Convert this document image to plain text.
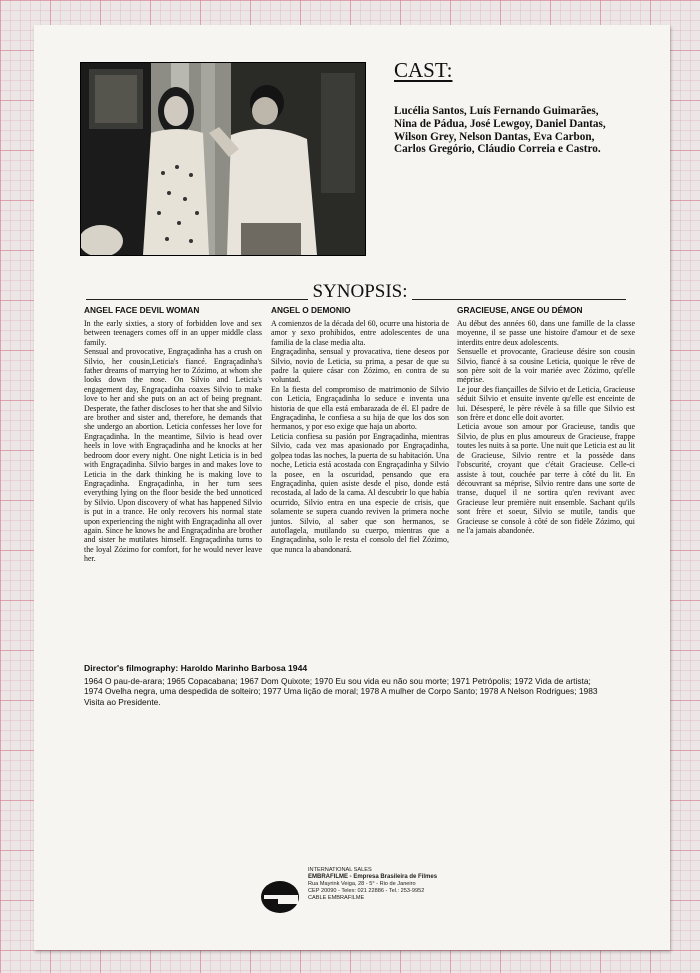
CAST:
Lucélia Santos, Luís Fernando Guimarães,
Nina de Pádua, José Lewgoy, Daniel Dantas,
Wilson Grey, Nelson Dantas, Eva Carbon,
Carlos Gregório, Cláudio Correia e Castro.
SYNOPSIS:
ANGEL FACE DEVIL WOMAN
In the early sixties, a story of forbidden love and sex between teenagers comes off in an upper middle class family.
Sensual and provocative, Engraçadinha has a crush on Silvio, her cousin,Leticia's fiancé. Engraçadinha's father dreams of marrying her to Zózimo, at whom she looks down the nose. On Silvio and Leticia's engagement day, Engraçadinha coaxes Silvio to make love to her and she puts on an act of being pregnant. Desperate, the father discloses to her that she and Silvio are brother and sister and, therefore, he demands that she undergo an abortion. Leticia confesses her love for Engraçadinha. In the meantime, Silvio is head over heels in love with Engraçadinha and he knocks at her bedroom door every night. One night Leticia is in bed with Engraçadinha. Silvio barges in and makes love to Leticia in the dark thinking he is making love to Engraçadinha. Engraçadinha, in her turn sees everything lying on the floor beside the bed unnoticed by Silvio. Upon discovery of what has happened Silvio is put in a trance. He only recovers his normal state upon experiencing the night with Engraçadinha all over again. Since he knows he and Engraçadinha are brother and sister he mutilates himself. Engraçadinha turns to the loyal Zózimo for comfort, for he would never leave her.
ANGEL O DEMONIO
A comienzos de la década del 60, ocurre una historia de amor y sexo prohibidos, entre adolescentes de una familia de la clase media alta.
Engraçadinha, sensual y provacativa, tiene deseos por Silvio, novio de Leticia, su prima, a pesar de que su padre la quiere cásar con Zózimo, en contra de su voluntad.
En la fiesta del compromiso de matrimonio de Silvio con Leticia, Engraçadinha lo seduce e inventa una historia de que ella está embarazada de él. El padre de Engraçadinha, le confiesa a su hija de que los dos son hermanos, y por eso exige que haja un aborto.
Leticia confiesa su pasión por Engraçadinha, mientras Silvio, cada vez mas apasionado por Engraçadinha, golpea todas las noches, la puerta de su habitación. Una noche, Leticia está acostada con Engraçadinha y Silvio la posee, en la oscuridad, pensando que era Engraçadinha, quien asiste desde el piso, donde está recostada, al lado de la cama. Al descubrir lo que había ocurrido, Silvio entra en una especie de crisis, que solamente se supera cuando reviven la primera noche juntos. Silvio, al saber que son hermanos, se autoflagela, mutilando su cuerpo, mientras que a Engraçadinha, solo le resta el consolo del fiel Zózimo, que nunca la abandonará.
GRACIEUSE, ANGE OU DÉMON
Au début des années 60, dans une famille de la classe moyenne, il se passe une histoire d'amour et de sexe interdits entre deux adolescents.
Sensuelle et provocante, Gracieuse désire son cousin Silvio, fiancé à sa cousine Leticia, quoique le rêve de son père soit de la voir mariée avec Zózimo, qu'elle méprise.
Le jour des fiançailles de Silvio et de Leticia, Gracieuse séduit Silvio et ensuite invente qu'elle est enceinte de lui. Désesperé, le père révèle à sa fille que Silvio est son frère et donc elle doit avorter.
Leticia avoue son amour por Gracieuse, tandis que Silvio, de plus en plus amoureux de Gracieuse, frappe toutes les nuits à sa porte. Une nuit que Leticia est au lit de Gracieuse, Silvio rentre et la possède dans l'obscurité, croyant que c'était Gracieuse. Celle-ci assiste à tout, couchée par terre à côté du lit. En découvrant sa méprise, Silvio rentre dans une sorte de transe, duquel il ne sortira qu'en revivant avec Gracieuse leur première nuit ensemble. Sachant qu'ils sont frère et soeur, Silvio se mutile, tandis que Gracieuse se console à côté de son fidèle Zózimo, qui ne l'a jamais abandonée.
Director's filmography: Haroldo Marinho Barbosa 1944
1964 O pau-de-arara; 1965 Copacabana; 1967 Dom Quixote; 1970 Eu sou vida eu não sou morte; 1971 Petrópolis; 1972 Vida de artista; 1974 Ovelha negra, uma despedida de solteiro; 1977 Uma lição de moral; 1978 A mulher de Corpo Santo; 1978 A Nelson Rodrigues; 1983 Visita ao Presidente.
INTERNATIONAL SALES
EMBRAFILME - Empresa Brasileira de Filmes
Rua Mayrink Veiga, 28 - 5° - Rio de Janeiro
CEP 20090 - Telex: 021 22886 - Tel.: 253-9952
CABLE EMBRAFILME
